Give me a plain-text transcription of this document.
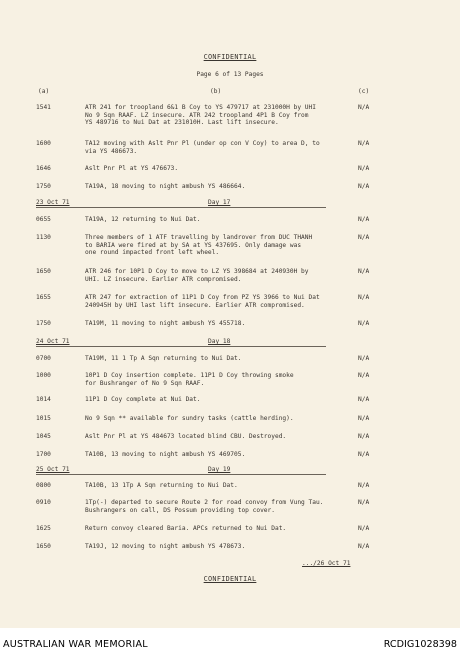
CONFIDENTIAL
Page 6 of 13 Pages
(a)	(b)	(c)
1541	ATR 241 for troopland 6&1 B Coy to YS 479717 at 231000H by UHI
No 9 Sqn RAAF. LZ insecure. ATR 242 troopland 4P1 B Coy from
YS 489716 to Nui Dat at 231010H. Last lift insecure.
N/A
1600	TA12 moving with Aslt Pnr Pl (under op con V Coy) to area D, to
via YS 486673.
N/A
1646	Aslt Pnr Pl at YS 476673.	N/A
1750	TA19A, 18 moving to night ambush YS 486664.	N/A
23 Oct 71	Day 17
0655	TA19A, 12 returning to Nui Dat.	N/A
1130	Three members of 1 ATF travelling by landrover from DUC THANH
to BARIA were fired at by SA at YS 437695. Only damage was
one round impacted front left wheel.
N/A
1650	ATR 246 for 10P1 D Coy to move to LZ YS 398684 at 240930H by
UHI. LZ insecure. Earlier ATR compromised.
N/A
1655	ATR 247 for extraction of 11P1 D Coy from PZ YS 3966 to Nui Dat
240945H by UHI last lift insecure. Earlier ATR compromised.
N/A
1750	TA19M, 11 moving to night ambush YS 455718.	N/A
24 Oct 71	Day 18
0700	TA19M, 11 1 Tp A Sqn returning to Nui Dat.	N/A
1000	10P1 D Coy insertion complete. 11P1 D Coy throwing smoke
for Bushranger of No 9 Sqn RAAF.
N/A
1014	11P1 D Coy complete at Nui Dat.	N/A
1015	No 9 Sqn ** available for sundry tasks (cattle herding).	N/A
1045	Aslt Pnr Pl at YS 484673 located blind CBU. Destroyed.	N/A
1700	TA10B, 13 moving to night ambush YS 469705.	N/A
25 Oct 71	Day 19
0800	TA10B, 13 1Tp A Sqn returning to Nui Dat.	N/A
0910	1Tp(-) departed to secure Route 2 for road convoy from Vung Tau.
Bushrangers on call, DS Possum providing top cover.
N/A
1625	Return convoy cleared Baria. APCs returned to Nui Dat.	N/A
1650	TA19J, 12 moving to night ambush YS 478673.	N/A
.../26 Oct 71
CONFIDENTIAL
AUSTRALIAN WAR MEMORIAL	RCDIG1028398
